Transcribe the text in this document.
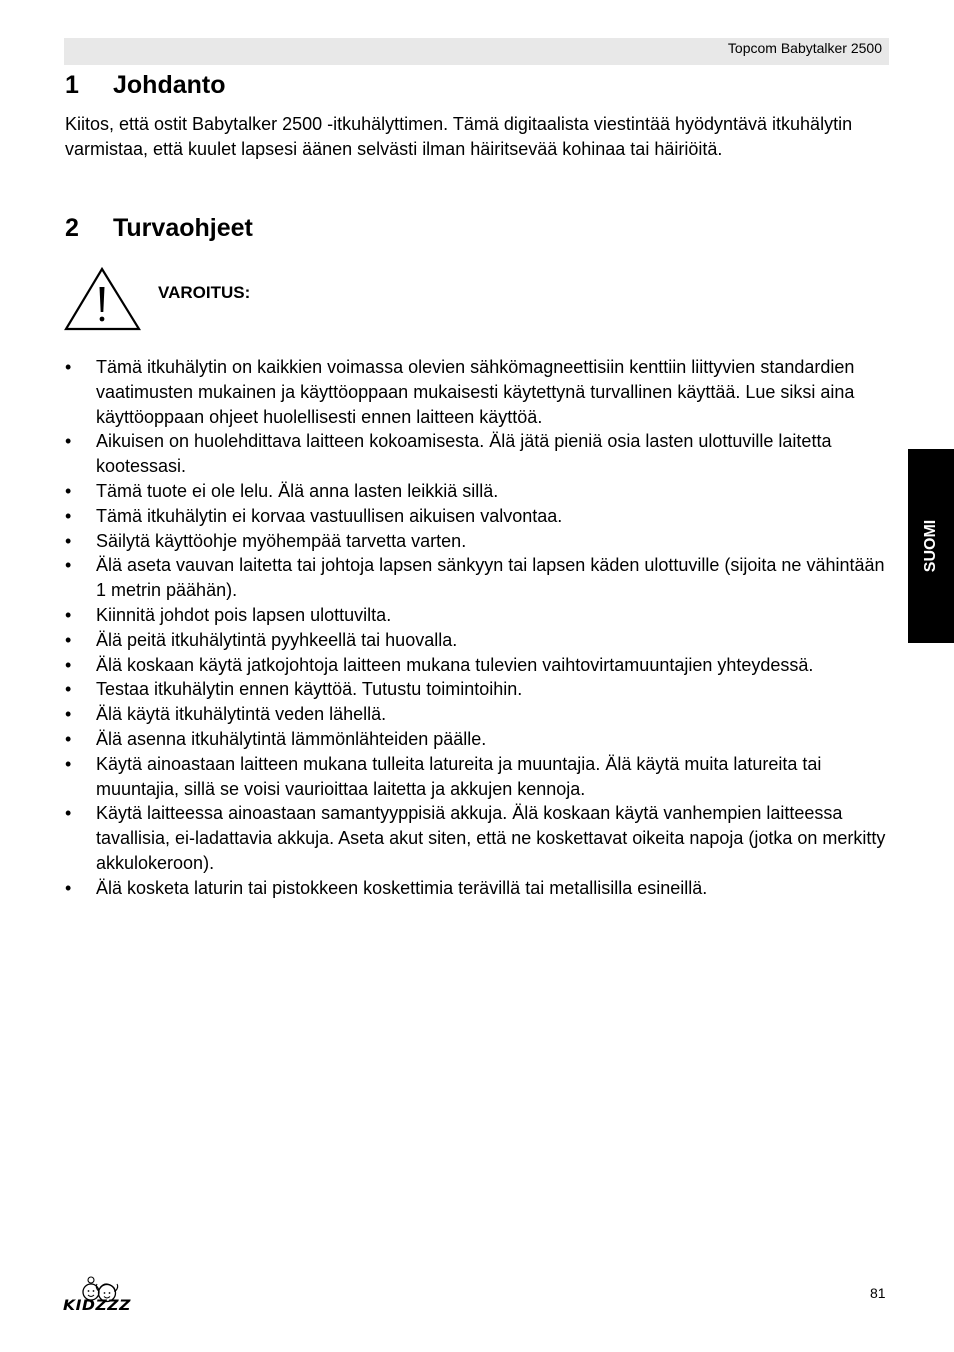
Topcom Babytalker 2500
1 Johdanto

Kiitos, että ostit Babytalker 2500 -itkuhälyttimen. Tämä digitaalista viestintää hyödyntävä itkuhälytin varmistaa, että kuulet lapsesi äänen selvästi ilman häiritsevää kohinaa tai häiriöitä.

2 Turvaohjeet
VAROITUS:
• Tämä itkuhälytin on kaikkien voimassa olevien sähkömagneettisiin kenttiin liittyvien standardien vaatimusten mukainen ja käyttöoppaan mukaisesti käytettynä turvallinen käyttää. Lue siksi aina käyttöoppaan ohjeet huolellisesti ennen laitteen käyttöä.
• Aikuisen on huolehdittava laitteen kokoamisesta. Älä jätä pieniä osia lasten ulottuville laitetta kootessasi.
• Tämä tuote ei ole lelu. Älä anna lasten leikkiä sillä.
• Tämä itkuhälytin ei korvaa vastuullisen aikuisen valvontaa.
• Säilytä käyttöohje myöhempää tarvetta varten.
• Älä aseta vauvan laitetta tai johtoja lapsen sänkyyn tai lapsen käden ulottuville (sijoita ne vähintään 1 metrin päähän).
• Kiinnitä johdot pois lapsen ulottuvilta.
• Älä peitä itkuhälytintä pyyhkeellä tai huovalla.
• Älä koskaan käytä jatkojohtoja laitteen mukana tulevien vaihtovirtamuuntajien yhteydessä.
• Testaa itkuhälytin ennen käyttöä. Tutustu toimintoihin.
• Älä käytä itkuhälytintä veden lähellä.
• Älä asenna itkuhälytintä lämmönlähteiden päälle.
• Käytä ainoastaan laitteen mukana tulleita latureita ja muuntajia. Älä käytä muita latureita tai muuntajia, sillä se voisi vaurioittaa laitetta ja akkujen kennoja.
• Käytä laitteessa ainoastaan samantyyppisiä akkuja. Älä koskaan käytä vanhempien laitteessa tavallisia, ei-ladattavia akkuja. Aseta akut siten, että ne koskettavat oikeita napoja (jotka on merkitty akkulokeroon).
• Älä kosketa laturin tai pistokkeen koskettimia terävillä tai metallisilla esineillä.
SUOMI
KIDZZZ
81
